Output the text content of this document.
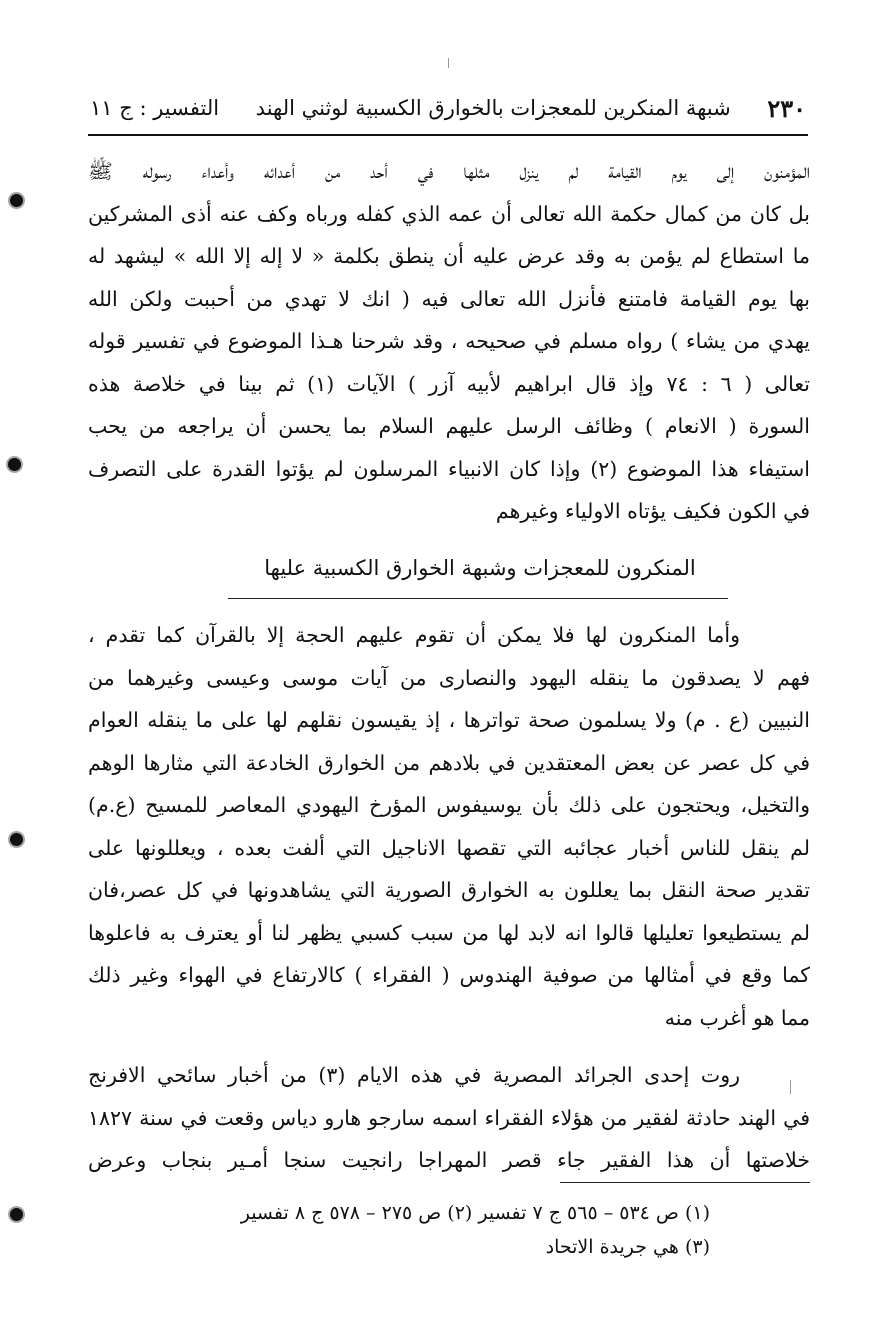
٢٣٠
شبهة المنكرين للمعجزات بالخوارق الكسبية لوثني الهند
التفسير : ج ١١
المؤمنون إلى يوم القيامة لم ينزل مثلها في أحد من أعدائه وأعداء رسوله ﷺ
بل كان من كمال حكمة الله تعالى أن عمه الذي كفله ورباه وكف عنه أذى المشركين
ما استطاع لم يؤمن به وقد عرض عليه أن ينطق بكلمة « لا إله إلا الله » ليشهد له
بها يوم القيامة فامتنع فأنزل الله تعالى فيه ( انك لا تهدي من أحببت ولكن الله
يهدي من يشاء ) رواه مسلم في صحيحه ، وقد شرحنا هـذا الموضوع في تفسير قوله
تعالى ( ٦ : ٧٤ وإذ قال ابراهيم لأبيه آزر ) الآيات (١) ثم بينا في خلاصة هذه
السورة ( الانعام ) وظائف الرسل عليهم السلام بما يحسن أن يراجعه من يحب
استيفاء هذا الموضوع (٢) وإذا كان الانبياء المرسلون لم يؤتوا القدرة على التصرف
في الكون فكيف يؤتاه الاولياء وغيرهم
المنكرون للمعجزات وشبهة الخوارق الكسبية عليها
وأما المنكرون لها فلا يمكن أن تقوم عليهم الحجة إلا بالقرآن كما تقدم ،
فهم لا يصدقون ما ينقله اليهود والنصارى من آيات موسى وعيسى وغيرهما من
النبيين (ع . م) ولا يسلمون صحة تواترها ، إذ يقيسون نقلهم لها على ما ينقله العوام
في كل عصر عن بعض المعتقدين في بلادهم من الخوارق الخادعة التي مثارها الوهم
والتخيل، ويحتجون على ذلك بأن يوسيفوس المؤرخ اليهودي المعاصر للمسيح (ع.م)
لم ينقل للناس أخبار عجائبه التي تقصها الاناجيل التي ألفت بعده ، ويعللونها على
تقدير صحة النقل بما يعللون به الخوارق الصورية التي يشاهدونها في كل عصر،فان
لم يستطيعوا تعليلها قالوا انه لابد لها من سبب كسبي يظهر لنا أو يعترف به فاعلوها
كما وقع في أمثالها من صوفية الهندوس ( الفقراء ) كالارتفاع في الهواء وغير ذلك
مما هو أغرب منه
روت إحدى الجرائد المصرية في هذه الايام (٣) من أخبار سائحي الافرنج
في الهند حادثة لفقير من هؤلاء الفقراء اسمه سارجو هارو دياس وقعت في سنة ١٨٢٧
خلاصتها أن هذا الفقير جاء قصر المهراجا رانجيت سنجا أمـير بنجاب وعرض
(١) ص ٥٣٤ – ٥٦٥ ج ٧ تفسير (٢) ص ٢٧٥ – ٥٧٨ ج ٨ تفسير
(٣) هي جريدة الاتحاد
